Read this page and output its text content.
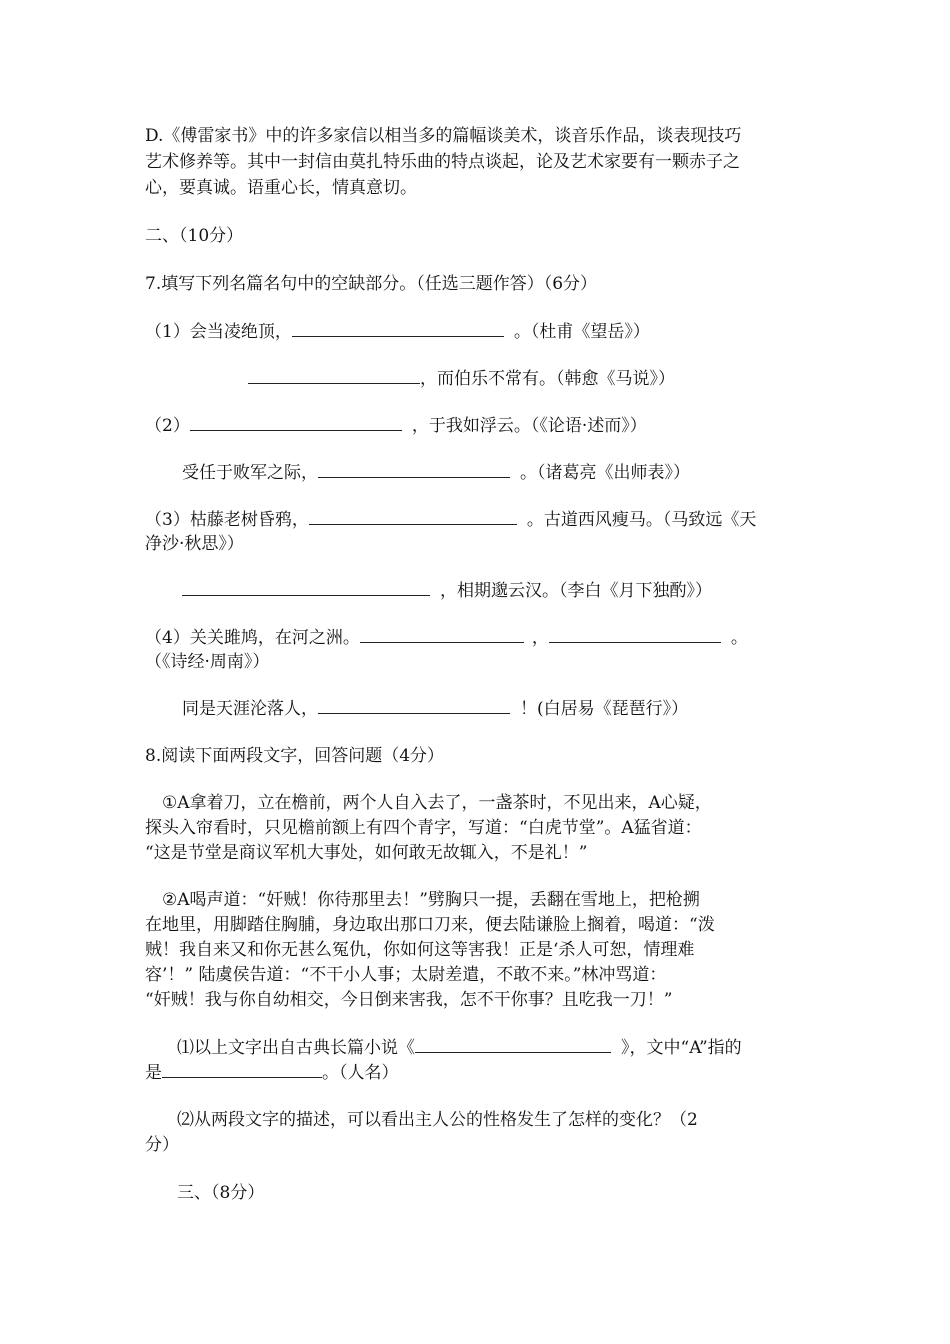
D.《傅雷家书》中的许多家信以相当多的篇幅谈美术，谈音乐作品，谈表现技巧
艺术修养等。其中一封信由莫扎特乐曲的特点谈起，论及艺术家要有一颗赤子之
心，要真诚。语重心长，情真意切。
二、（10分）
7.填写下列名篇名句中的空缺部分。（任选三题作答）（6分）
（1）会当凌绝顶，	。（杜甫《望岳》）
，而伯乐不常有。（韩愈《马说》）
（2）	，于我如浮云。（《论语·述而》）
受任于败军之际，	。（诸葛亮《出师表》）
（3）枯藤老树昏鸦，	。古道西风瘦马。（马致远《天
净沙·秋思》）
，相期邈云汉。（李白《月下独酌》）
（4）关关雎鸠，在河之洲。	，	。
（《诗经·周南》）
同是天涯沦落人，	！(白居易《琵琶行》）
8.阅读下面两段文字，回答问题（4分）
①A拿着刀，立在檐前，两个人自入去了，一盏茶时，不见出来，A心疑，
探头入帘看时，只见檐前额上有四个青字，写道：“白虎节堂”。A猛省道：
“这是节堂是商议军机大事处，如何敢无故辄入，不是礼！”
②A喝声道：“奸贼！你待那里去！”劈胸只一提，丢翻在雪地上，把枪搠
在地里，用脚踏住胸脯，身边取出那口刀来，便去陆谦脸上搁着，喝道：“泼
贼！我自来又和你无甚么冤仇，你如何这等害我！正是‘杀人可恕，情理难
容’！” 陆虞侯告道：“不干小人事；太尉差遣，不敢不来。”林冲骂道：
“奸贼！我与你自幼相交，今日倒来害我，怎不干你事？且吃我一刀！”
⑴以上文字出自古典长篇小说《	》，文中“A”指的
是	。（人名）
⑵从两段文字的描述，可以看出主人公的性格发生了怎样的变化？（2
分）
三、（8分）
